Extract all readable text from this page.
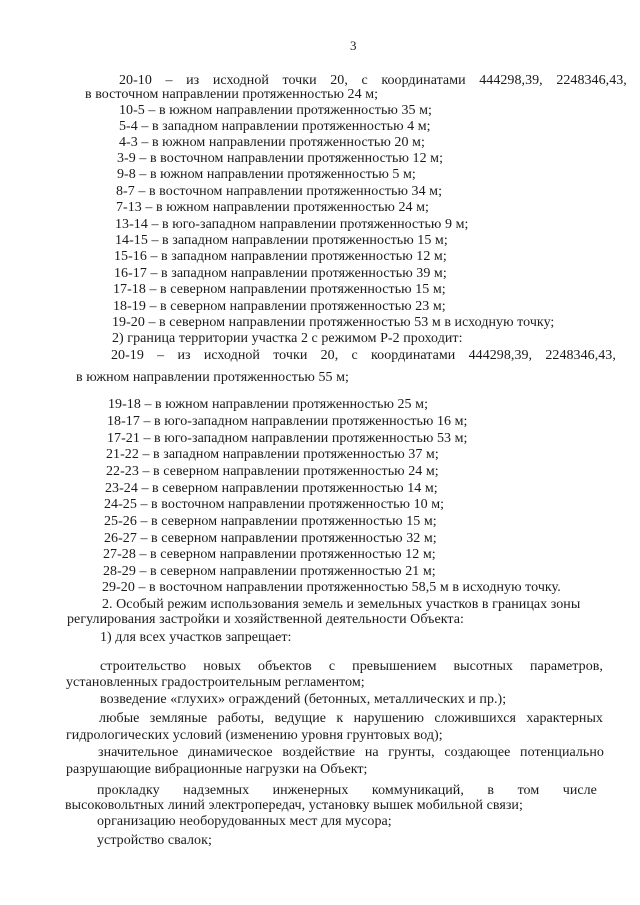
3
20-10 – из исходной точки 20, с координатами 444298,39, 2248346,43,
в восточном направлении протяженностью 24 м;
10-5 – в южном направлении протяженностью 35 м;
5-4 – в западном направлении протяженностью 4 м;
4-3 – в южном направлении протяженностью 20 м;
3-9 – в восточном направлении протяженностью 12 м;
9-8 – в южном направлении протяженностью 5 м;
8-7 – в восточном направлении протяженностью 34 м;
7-13 – в южном направлении протяженностью 24 м;
13-14 – в юго-западном направлении протяженностью 9 м;
14-15 – в западном направлении протяженностью 15 м;
15-16 – в западном направлении протяженностью 12 м;
16-17 – в западном направлении протяженностью 39 м;
17-18 – в северном направлении протяженностью 15 м;
18-19 – в северном направлении протяженностью 23 м;
19-20 – в северном направлении протяженностью 53 м в исходную точку;
2) граница территории участка 2 с режимом Р-2 проходит:
20-19 – из исходной точки 20, с координатами 444298,39, 2248346,43,
в южном направлении протяженностью 55 м;
19-18 – в южном направлении протяженностью 25 м;
18-17 – в юго-западном направлении протяженностью 16 м;
17-21 – в юго-западном направлении протяженностью 53 м;
21-22 – в западном направлении протяженностью 37 м;
22-23 – в северном направлении протяженностью 24 м;
23-24 – в северном направлении протяженностью 14 м;
24-25 – в восточном направлении протяженностью 10 м;
25-26 – в северном направлении протяженностью 15 м;
26-27 – в северном направлении протяженностью 32 м;
27-28 – в северном направлении протяженностью 12 м;
28-29 – в северном направлении протяженностью 21 м;
29-20 – в восточном направлении протяженностью 58,5 м в исходную точку.
2. Особый режим использования земель и земельных участков в границах зоны
регулирования застройки и хозяйственной деятельности Объекта:
1) для всех участков запрещает:
строительство новых объектов с превышением высотных параметров,
установленных градостроительным регламентом;
возведение «глухих» ограждений (бетонных, металлических и пр.);
любые земляные работы, ведущие к нарушению сложившихся характерных
гидрологических условий (изменению уровня грунтовых вод);
значительное динамическое воздействие на грунты, создающее потенциально
разрушающие вибрационные нагрузки на Объект;
прокладку надземных инженерных коммуникаций, в том числе
высоковольтных линий электропередач, установку вышек мобильной связи;
организацию необорудованных мест для мусора;
устройство свалок;
